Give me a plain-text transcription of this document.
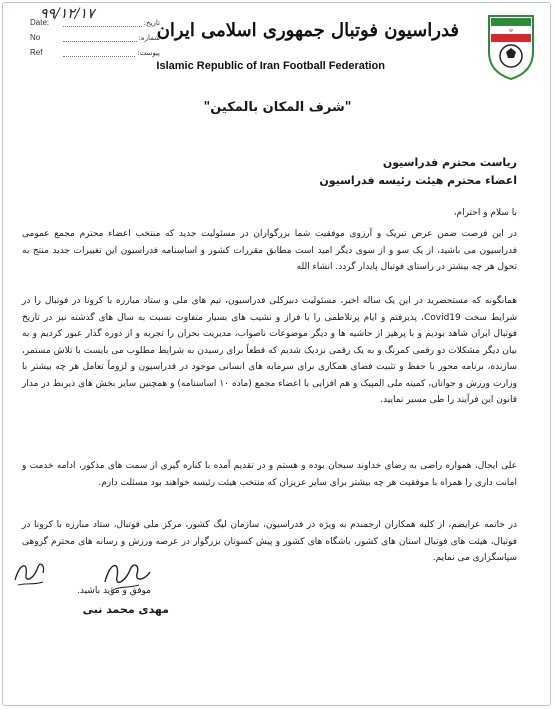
۹۹/۱۲/۱۷
Date:	تاریخ:
No	شماره:
Ref	پیوست:
فدراسیون فوتبال جمهوری اسلامی ایران
Islamic Republic of Iran Football Federation
☫
"شرف المکان بالمکین"
ریاست محترم فدراسیون
اعضاء محترم هیئت رئیسه فدراسیون
با سلام و احترام،
در این فرصت ضمن عرض تبریک و آرزوی موفقیت شما بزرگواران در مسئولیت جدید که منتخب اعضاء محترم مجمع عمومی فدراسیون می باشید، از یک سو و از سوی دیگر امید است مطابق مقررات کشور و اساسنامه فدراسیون این تغییرات جدید منتج به تحول هر چه بیشتر در راستای فوتبال پایدار گردد. انشاء الله
همانگونه که مستحضرید در این یک ساله اخیر، مسئولیت دبیرکلی فدراسیون، تیم های ملی و ستاد مبارزه با کرونا در فوتبال را در شرایط سخت Covid19، پذیرفتم و ایام پرتلاطمی را با فراز و نشیب های بسیار متفاوت نسبت به سال های گذشته نیز در تاریخ فوتبال ایران شاهد بودیم و با پرهیز از حاشیه ها و دیگر موضوعات ناصواب، مدیریت بحران را تجربه و از دوره گذار عبور کردیم و به بیان دیگر مشکلات دو رقمی کمرنگ و به یک رقمی نزدیک شدیم که قطعاً برای رسیدن به شرایط مطلوب می بایست با تلاش مستمر، سازنده، برنامه محور با حفظ و تثبیت فضای همکاری برای سرمایه های انسانی موجود در فدراسیون و لزوماً تعامل هر چه بیشتر با وزارت ورزش و جوانان، کمیته ملی المپیک و هم افزایی با اعضاء مجمع (ماده ۱۰ اساسنامه) و همچنین سایر بخش های ذیربط در مدار قانون این فرآیند را طی مسیر نمایید.
علی ایحال، همواره راضی به رضای خداوند سبحان بوده و هستم و در تقدیم آمده با کناره گیری از سمت های مذکور، ادامه خدمت و امانت داری را همراه با موفقیت هر چه بیشتر برای سایر عزیزان که منتخب هیئت رئیسه خواهند بود مسئلت دارم.
در خاتمه عرایضم، از کلیه همکاران ارجمندم به ویژه در فدراسیون، سازمان لیگ کشور، مرکز ملی فوتبال، ستاد مبارزه با کرونا در فوتبال، هیئت های فوتبال استان های کشور، باشگاه های کشور و پیش کسوتان بزرگوار در عرصه ورزش و رسانه های محترم گروهی سپاسگزاری می نمایم.
موفق و مؤید باشید.
مهدی محمد نبی
